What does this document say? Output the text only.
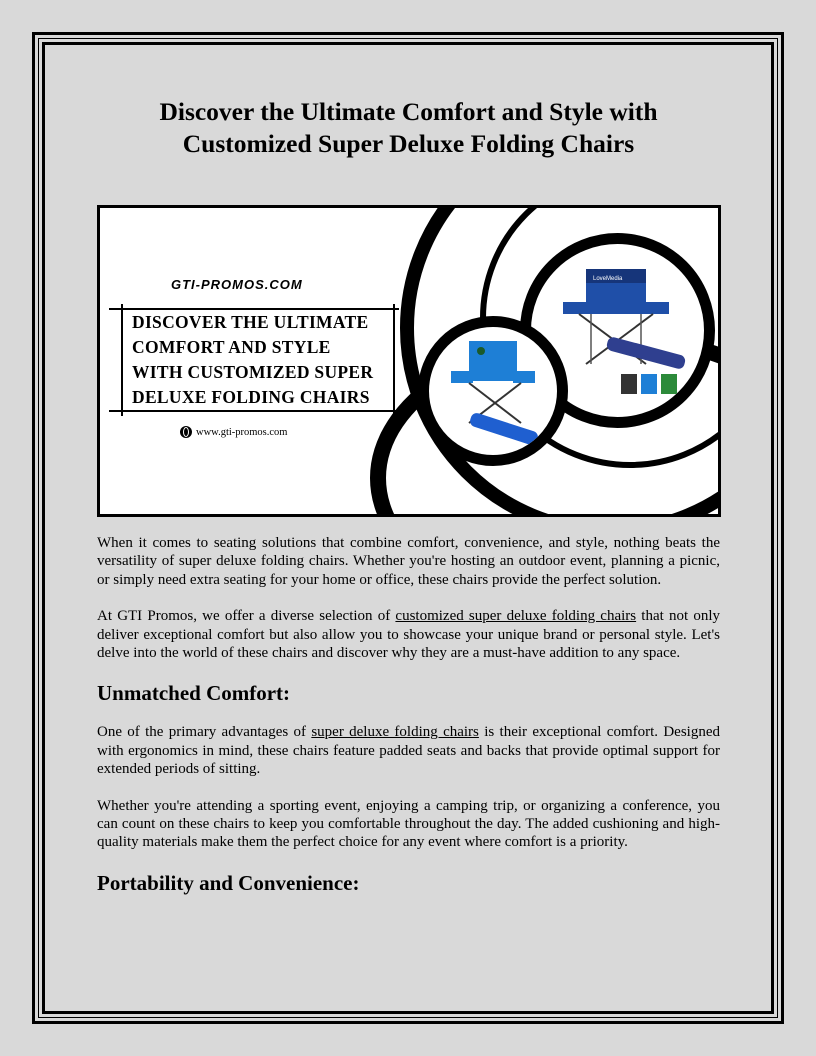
Discover the Ultimate Comfort and Style with Customized Super Deluxe Folding Chairs
GTI-PROMOS.COM
DISCOVER THE ULTIMATE
COMFORT AND STYLE
WITH CUSTOMIZED SUPER
DELUXE FOLDING CHAIRS
www.gti-promos.com
LoveMedia

When it comes to seating solutions that combine comfort, convenience, and style, nothing beats the versatility of super deluxe folding chairs. Whether you're hosting an outdoor event, planning a picnic, or simply need extra seating for your home or office, these chairs provide the perfect solution.

At GTI Promos, we offer a diverse selection of customized super deluxe folding chairs that not only deliver exceptional comfort but also allow you to showcase your unique brand or personal style. Let's delve into the world of these chairs and discover why they are a must-have addition to any space.

Unmatched Comfort:

One of the primary advantages of super deluxe folding chairs is their exceptional comfort. Designed with ergonomics in mind, these chairs feature padded seats and backs that provide optimal support for extended periods of sitting.

Whether you're attending a sporting event, enjoying a camping trip, or organizing a conference, you can count on these chairs to keep you comfortable throughout the day. The added cushioning and high-quality materials make them the perfect choice for any event where comfort is a priority.

Portability and Convenience:
